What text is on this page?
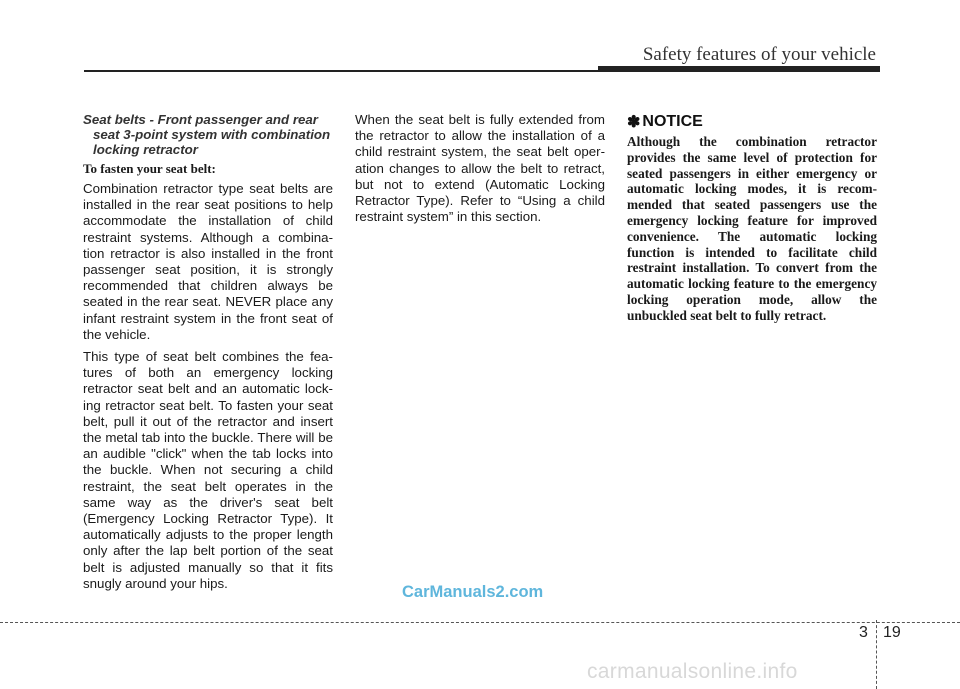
Safety features of your vehicle
Seat belts - Front passenger and rear
seat 3-point system with combination
locking retractor
To fasten your seat belt:

Combination retractor type seat belts are installed in the rear seat positions to help accommodate the installation of child restraint systems. Although a combina-tion retractor is also installed in the front passenger seat position, it is strongly recommended that children always be seated in the rear seat. NEVER place any infant restraint system in the front seat of the vehicle.

This type of seat belt combines the fea-tures of both an emergency locking retractor seat belt and an automatic lock-ing retractor seat belt. To fasten your seat belt, pull it out of the retractor and insert the metal tab into the buckle. There will be an audible "click" when the tab locks into the buckle. When not securing a child restraint, the seat belt operates in the same way as the driver's seat belt (Emergency Locking Retractor Type). It automatically adjusts to the proper length only after the lap belt portion of the seat belt is adjusted manually so that it fits snugly around your hips.

When the seat belt is fully extended from the retractor to allow the installation of a child restraint system, the seat belt oper-ation changes to allow the belt to retract, but not to extend (Automatic Locking Retractor Type). Refer to “Using a child restraint system” in this section.

✽ NOTICE

Although the combination retractor provides the same level of protection for seated passengers in either emergency or automatic locking modes, it is recom-mended that seated passengers use the emergency locking feature for improved convenience. The automatic locking function is intended to facilitate child restraint installation. To convert from the automatic locking feature to the emergency locking operation mode, allow the unbuckled seat belt to fully retract.

CarManuals2.com
3 19
carmanualsonline.info
